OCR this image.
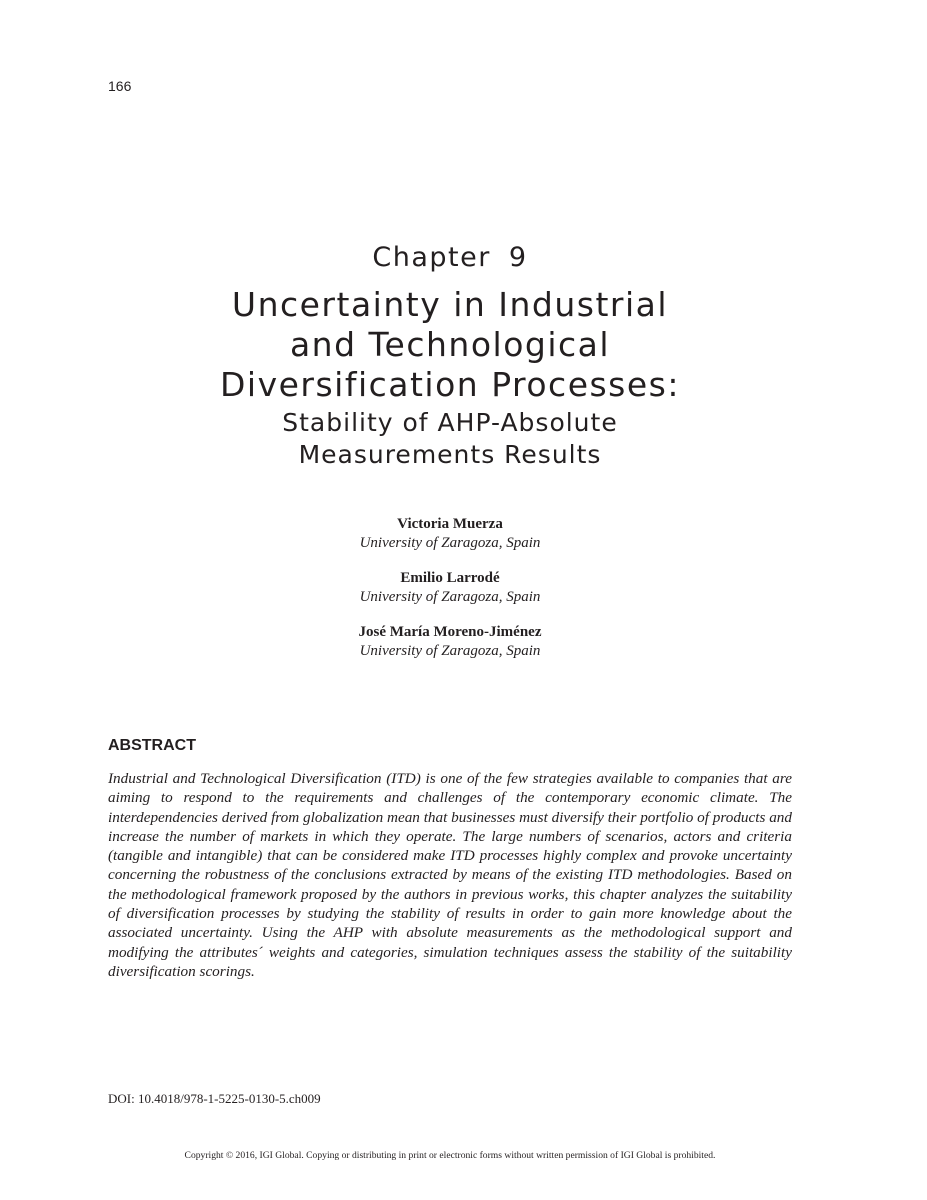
166
Chapter 9
Uncertainty in Industrial
and Technological
Diversification Processes:
Stability of AHP-Absolute
Measurements Results
Victoria Muerza
University of Zaragoza, Spain
Emilio Larrodé
University of Zaragoza, Spain
José María Moreno-Jiménez
University of Zaragoza, Spain
ABSTRACT
Industrial and Technological Diversification (ITD) is one of the few strategies available to companies that are aiming to respond to the requirements and challenges of the contemporary economic climate. The interdependencies derived from globalization mean that businesses must diversify their portfolio of products and increase the number of markets in which they operate. The large numbers of scenarios, actors and criteria (tangible and intangible) that can be considered make ITD processes highly complex and provoke uncertainty concerning the robustness of the conclusions extracted by means of the existing ITD methodologies. Based on the methodological framework proposed by the authors in previous works, this chapter analyzes the suitability of diversification processes by studying the stability of results in order to gain more knowledge about the associated uncertainty. Using the AHP with absolute measurements as the methodological support and modifying the attributes´ weights and categories, simulation techniques assess the stability of the suitability diversification scorings.
DOI: 10.4018/978-1-5225-0130-5.ch009
Copyright © 2016, IGI Global. Copying or distributing in print or electronic forms without written permission of IGI Global is prohibited.
